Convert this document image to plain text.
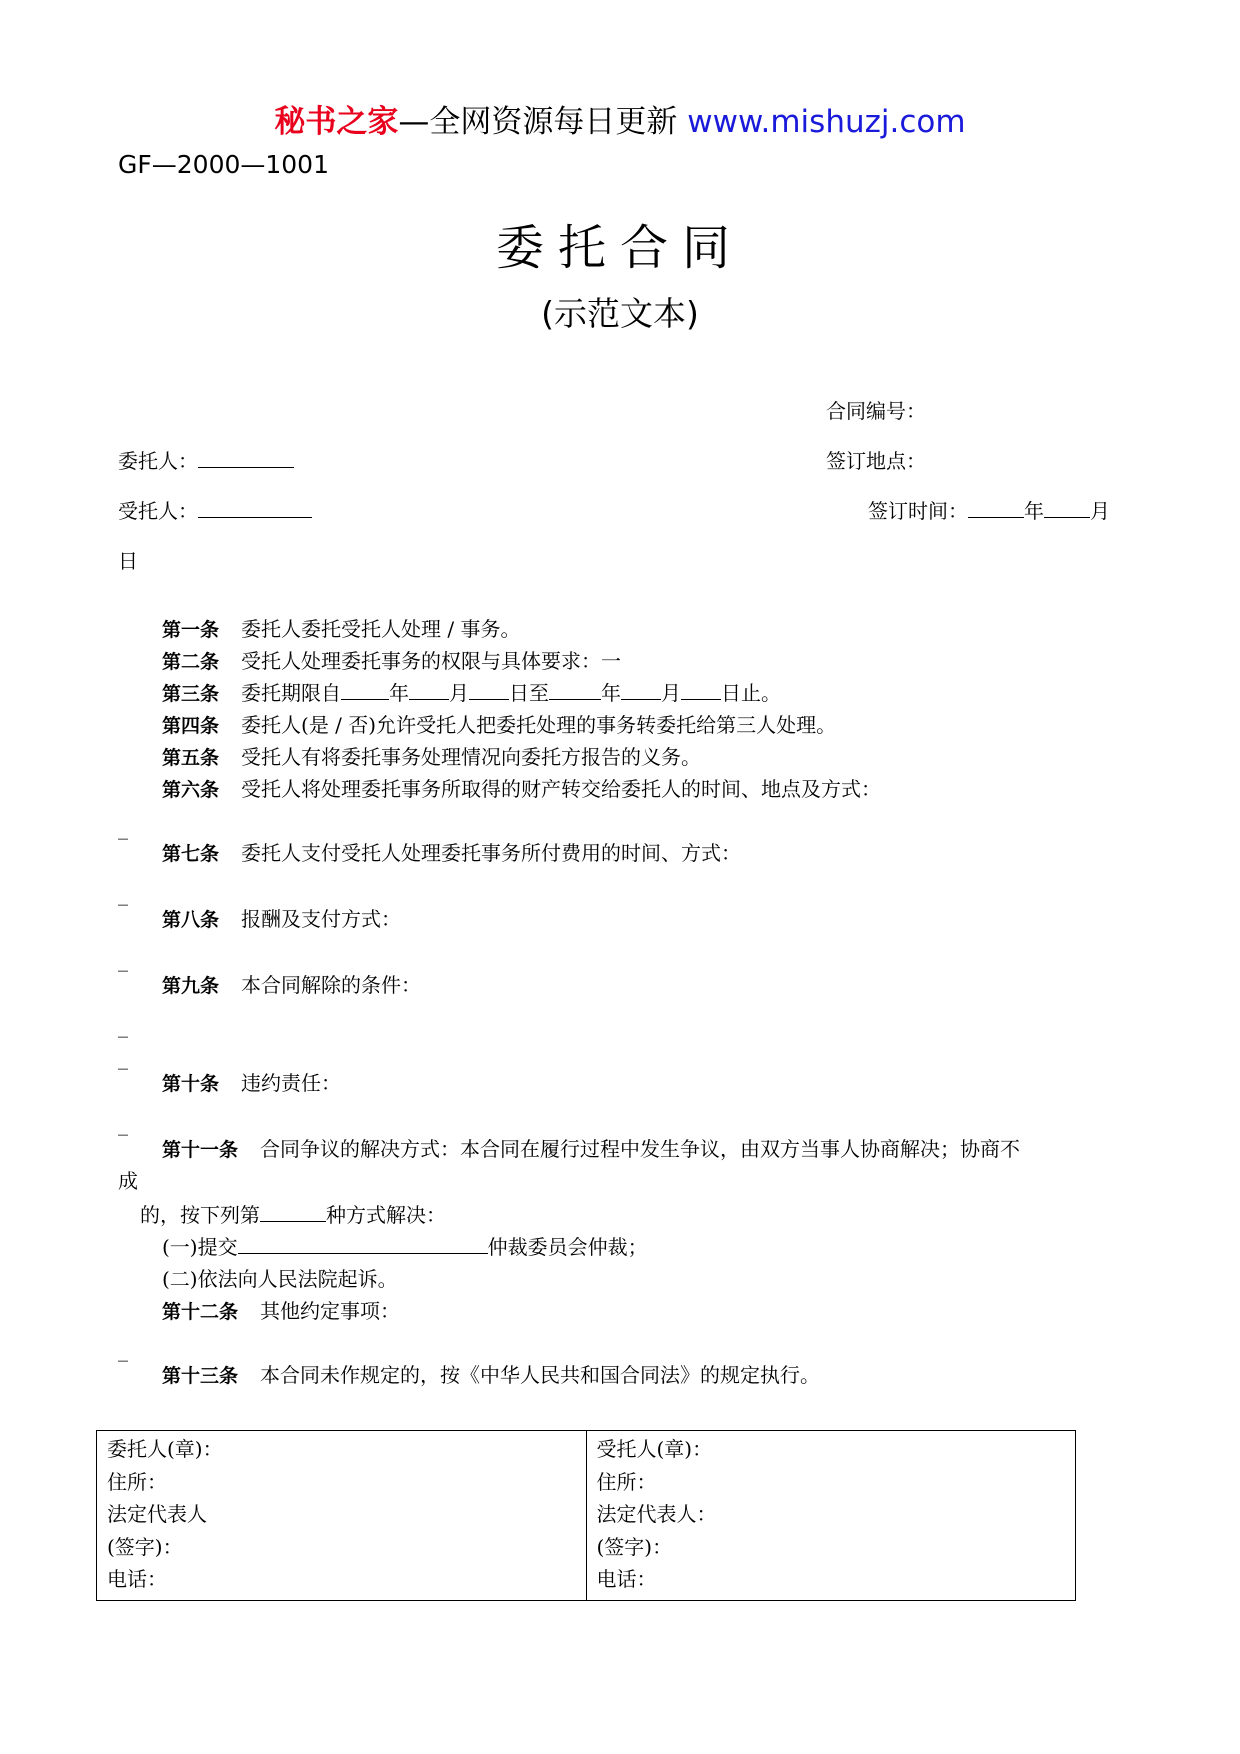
秘书之家—全网资源每日更新 www.mishuzj.com
GF—2000—1001
委托合同
(示范文本)
合同编号：
委托人：	签订地点：
受托人：	签订时间：	年 月
日
第一条 委托人委托受托人处理 / 事务。
第二条 受托人处理委托事务的权限与具体要求：一
第三条 委托期限自 年 月 日至	年 月 日止。
第四条 委托人(是 / 否)允许受托人把委托处理的事务转委托给第三人处理。
第五条 受托人有将委托事务处理情况向委托方报告的义务。
第六条 受托人将处理委托事务所取得的财产转交给委托人的时间、地点及方式：
_
第七条 委托人支付受托人处理委托事务所付费用的时间、方式：
_
第八条 报酬及支付方式：
_
第九条 本合同解除的条件：
_
_
第十条 违约责任：
_
第十一条 合同争议的解决方式：本合同在履行过程中发生争议，由双方当事人协商解决；协商不
成
的，按下列第	种方式解决：
(一)提交	仲裁委员会仲裁；
(二)依法向人民法院起诉。
第十二条 其他约定事项：
_
第十三条 本合同未作规定的，按《中华人民共和国合同法》的规定执行。
委托人(章)：
住所：
法定代表人
(签字)：
电话：

受托人(章)：
住所：
法定代表人：
(签字)：
电话：
